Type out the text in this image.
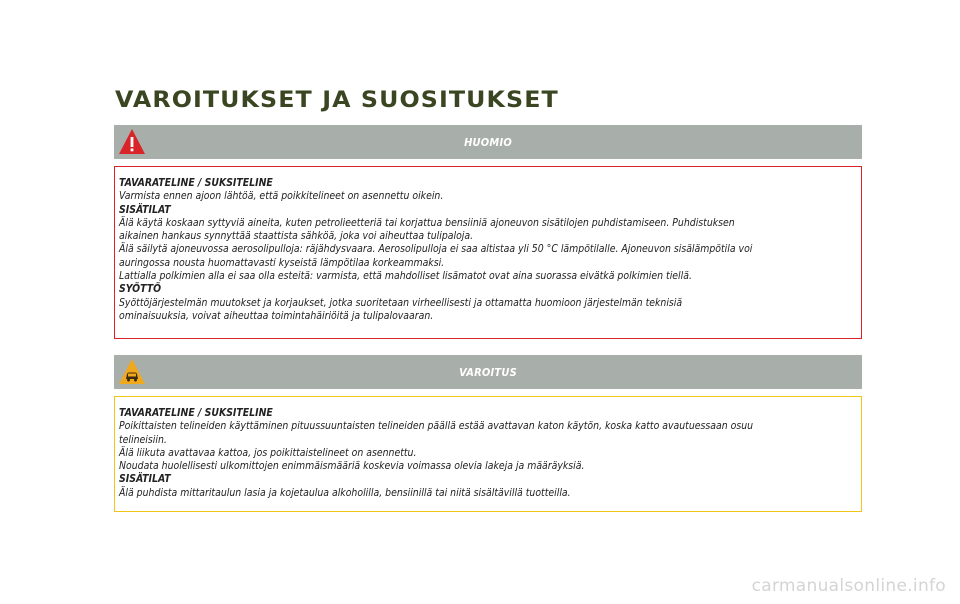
VAROITUKSET JA SUOSITUKSET
HUOMIO

TAVARATELINE / SUKSITELINE

Varmista ennen ajoon lähtöä, että poikkitelineet on asennettu oikein.

SISÄTILAT

Älä käytä koskaan syttyviä aineita, kuten petrolieetteriä tai korjattua bensiiniä ajoneuvon sisätilojen puhdistamiseen. Puhdistuksen

aikainen hankaus synnyttää staattista sähköä, joka voi aiheuttaa tulipaloja.

Älä säilytä ajoneuvossa aerosolipulloja: räjähdysvaara. Aerosolipulloja ei saa altistaa yli 50 °C lämpötilalle. Ajoneuvon sisälämpötila voi

auringossa nousta huomattavasti kyseistä lämpötilaa korkeammaksi.

Lattialla polkimien alla ei saa olla esteitä: varmista, että mahdolliset lisämatot ovat aina suorassa eivätkä polkimien tiellä.

SYÖTTÖ

Syöttöjärjestelmän muutokset ja korjaukset, jotka suoritetaan virheellisesti ja ottamatta huomioon järjestelmän teknisiä

ominaisuuksia, voivat aiheuttaa toimintahäiriöitä ja tulipalovaaran.

VAROITUS

TAVARATELINE / SUKSITELINE

Poikittaisten telineiden käyttäminen pituussuuntaisten telineiden päällä estää avattavan katon käytön, koska katto avautuessaan osuu

telineisiin.

Älä liikuta avattavaa kattoa, jos poikittaistelineet on asennettu.

Noudata huolellisesti ulkomittojen enimmäismääriä koskevia voimassa olevia lakeja ja määräyksiä.

SISÄTILAT

Älä puhdista mittaritaulun lasia ja kojetaulua alkoholilla, bensiinillä tai niitä sisältävillä tuotteilla.

carmanualsonline.info
